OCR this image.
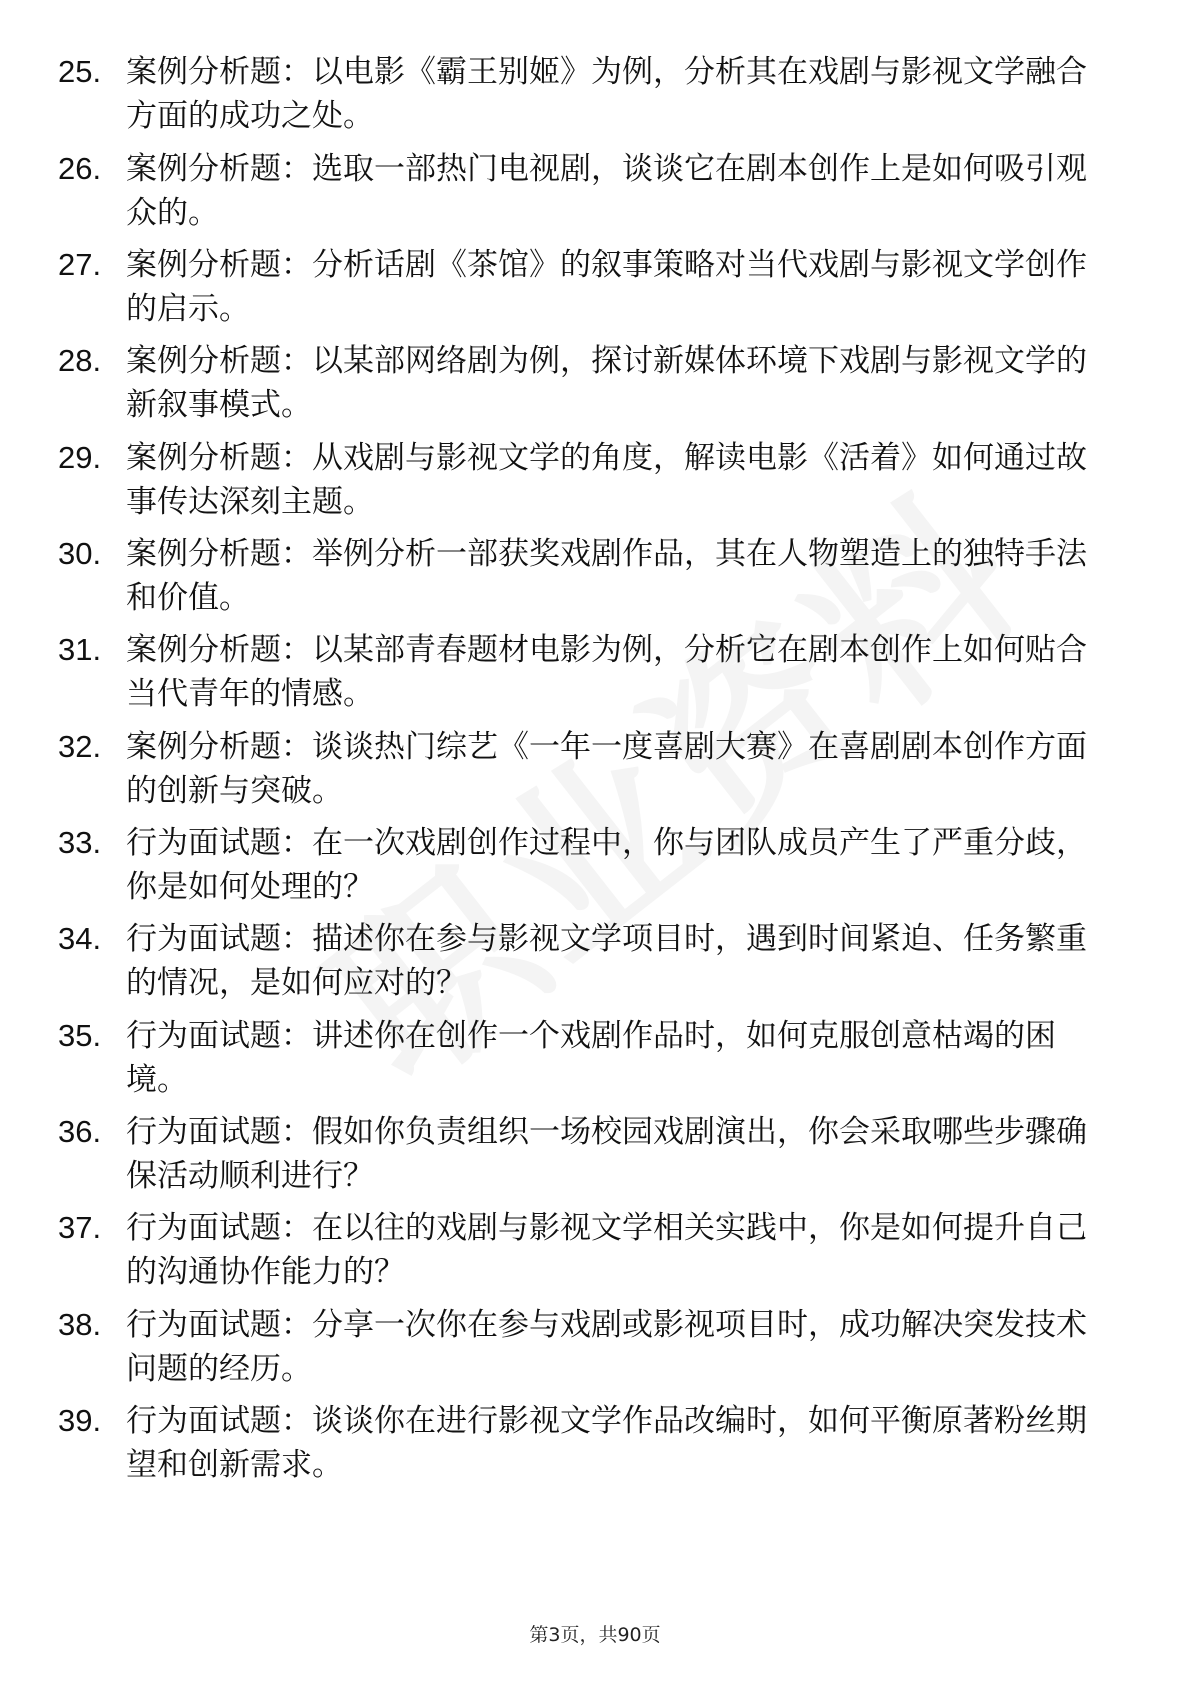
25. 案例分析题：以电影《霸王别姬》为例，分析其在戏剧与影视文学融合方面的成功之处。
26. 案例分析题：选取一部热门电视剧，谈谈它在剧本创作上是如何吸引观众的。
27. 案例分析题：分析话剧《茶馆》的叙事策略对当代戏剧与影视文学创作的启示。
28. 案例分析题：以某部网络剧为例，探讨新媒体环境下戏剧与影视文学的新叙事模式。
29. 案例分析题：从戏剧与影视文学的角度，解读电影《活着》如何通过故事传达深刻主题。
30. 案例分析题：举例分析一部获奖戏剧作品，其在人物塑造上的独特手法和价值。
31. 案例分析题：以某部青春题材电影为例，分析它在剧本创作上如何贴合当代青年的情感。
32. 案例分析题：谈谈热门综艺《一年一度喜剧大赛》在喜剧剧本创作方面的创新与突破。
33. 行为面试题：在一次戏剧创作过程中，你与团队成员产生了严重分歧，你是如何处理的？
34. 行为面试题：描述你在参与影视文学项目时，遇到时间紧迫、任务繁重的情况，是如何应对的？
35. 行为面试题：讲述你在创作一个戏剧作品时，如何克服创意枯竭的困境。
36. 行为面试题：假如你负责组织一场校园戏剧演出，你会采取哪些步骤确保活动顺利进行？
37. 行为面试题：在以往的戏剧与影视文学相关实践中，你是如何提升自己的沟通协作能力的？
38. 行为面试题：分享一次你在参与戏剧或影视项目时，成功解决突发技术问题的经历。
39. 行为面试题：谈谈你在进行影视文学作品改编时，如何平衡原著粉丝期望和创新需求。
第3页，共90页
